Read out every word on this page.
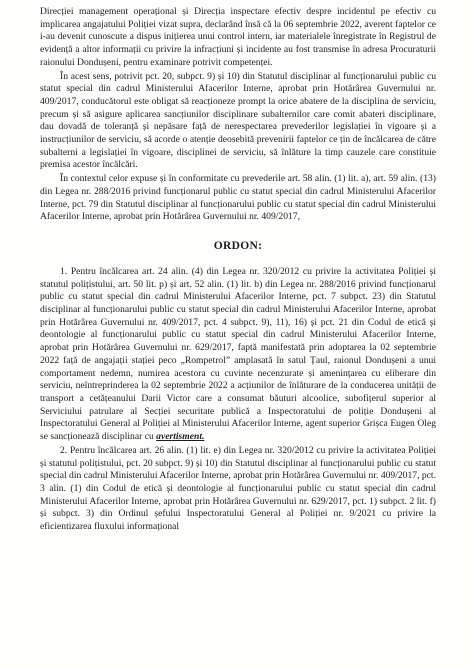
Direcției management operațional și Direcția inspectare efectiv despre incidentul pe efectiv cu implicarea angajatului Poliției vizat supra, declarând însă că la 06 septembrie 2022, averent faptelor ce i-au devenit cunoscute a dispus inițierea unui control intern, iar materialele înregistrate în Registrul de evidență a altor informații cu privire la infracțiuni și incidente au fost transmise în adresa Procuraturii raionului Dondușeni, pentru examinare potrivit competenței.

În acest sens, potrivit pct. 20, subpct. 9) și 10) din Statutul disciplinar al funcționarului public cu statut special din cadrul Ministerului Afacerilor Interne, aprobat prin Hotărârea Guvernului nr. 409/2017, conducătorul este obligat să reacționeze prompt la orice abatere de la disciplina de serviciu, precum și să asigure aplicarea sancțiunilor disciplinare subalternilor care comit abateri disciplinare, dau dovadă de toleranță și nepăsare față de nerespectarea prevederilor legislației în vigoare și a instrucțiunilor de serviciu, să acorde o atenție deosebită prevenirii faptelor ce țin de încălcarea de către subalterni a legislației în vigoare, disciplinei de serviciu, să înlăture la timp cauzele care constituie premisa acestor încălcări.

În contextul celor expuse și în conformitate cu prevederile art. 58 alin. (1) lit. a), art. 59 alin. (13) din Legea nr. 288/2016 privind funcționarul public cu statut special din cadrul Ministerului Afacerilor Interne, pct. 79 din Statutul disciplinar al funcționarului public cu statut special din cadrul Ministerului Afacerilor Interne, aprobat prin Hotărârea Guvernului nr. 409/2017,

ORDON:

1. Pentru încălcarea art. 24 alin. (4) din Legea nr. 320/2012 cu privire la activitatea Poliției și statutul polițistului, art. 50 lit. p) și art. 52 alin. (1) lit. b) din Legea nr. 288/2016 privind funcționarul public cu statut special din cadrul Ministerului Afacerilor Interne, pct. 7 subpct. 23) din Statutul disciplinar al funcționarului public cu statut special din cadrul Ministerului Afacerilor Interne, aprobat prin Hotărârea Guvernului nr. 409/2017, pct. 4 subpct. 9), 11), 16) și pct. 21 din Codul de etică și deontologie al funcționarului public cu statut special din cadrul Ministerului Afacerilor Interne, aprobat prin Hotărârea Guvernului nr. 629/2017, faptă manifestată prin adoptarea la 02 septembrie 2022 față de angajații stației peco „Rompetrol” amplasată în satul Țaul, raionul Dondușeni a unui comportament nedemn, numirea acestora cu cuvinte necenzurate și amenințarea cu eliberare din serviciu, neîntreprinderea la 02 septembrie 2022 a acțiunilor de înlăturare de la conducerea unității de transport a cetățeanului Darii Victor care a consumat băuturi alcoolice, subofițerul superior al Serviciului patrulare al Secției securitate publică a Inspectoratului de poliție Dondușeni al Inspectoratului General al Poliției al Ministerului Afacerilor Interne, agent superior Grișca Eugen Oleg se sancționează disciplinar cu avertisment.

2. Pentru încălcarea art. 26 alin. (1) lit. e) din Legea nr. 320/2012 cu privire la activitatea Poliției și statutul polițistului, pct. 20 subpct. 9) și 10) din Statutul disciplinar al funcționarului public cu statut special din cadrul Ministerului Afacerilor Interne, aprobat prin Hotărârea Guvernului nr. 409/2017, pct. 3 alin. (1) din Codul de etică și deontologie al funcționarului public cu statut special din cadrul Ministerului Afacerilor Interne, aprobat prin Hotărârea Guvernului nr. 629/2017, pct. 1) subpct. 2 lit. f) și subpct. 3) din Ordinul șefului Inspectoratului General al Poliției nr. 9/2021 cu privire la eficientizarea fluxului informațional
